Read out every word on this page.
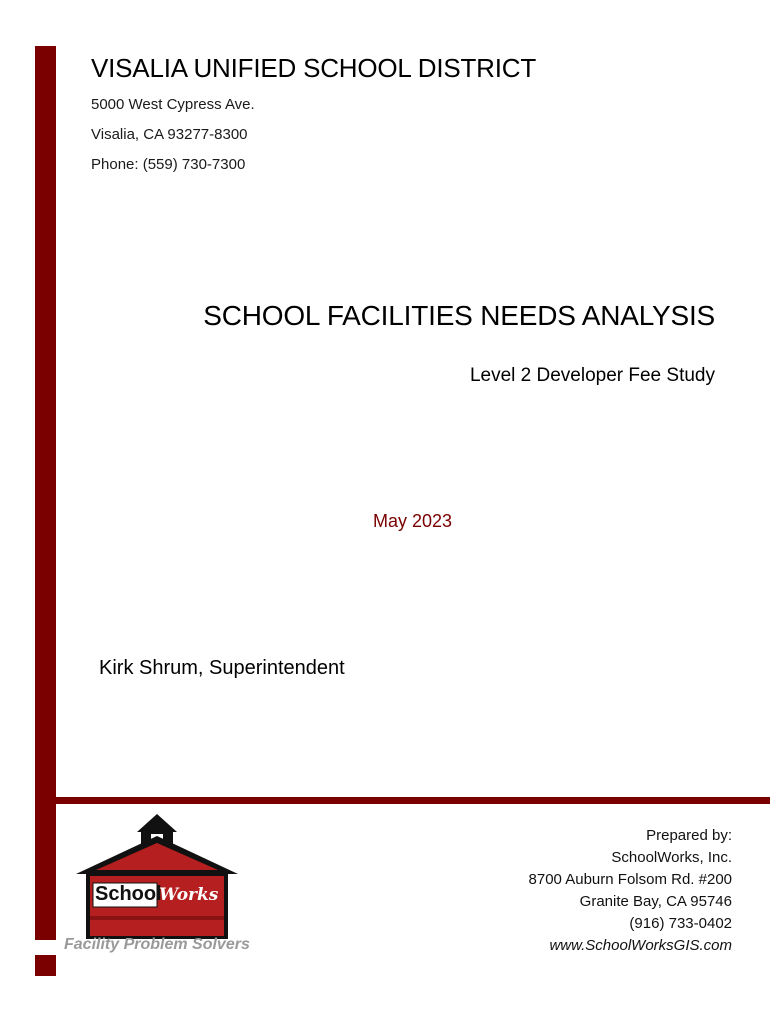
VISALIA UNIFIED SCHOOL DISTRICT
5000 West Cypress Ave.
Visalia, CA 93277-8300
Phone: (559) 730-7300
SCHOOL FACILITIES NEEDS ANALYSIS
Level 2 Developer Fee Study
May 2023
Kirk Shrum, Superintendent
School
Works
Facility Problem Solvers
Prepared by:
SchoolWorks, Inc.
8700 Auburn Folsom Rd. #200
Granite Bay, CA 95746
(916) 733-0402
www.SchoolWorksGIS.com
